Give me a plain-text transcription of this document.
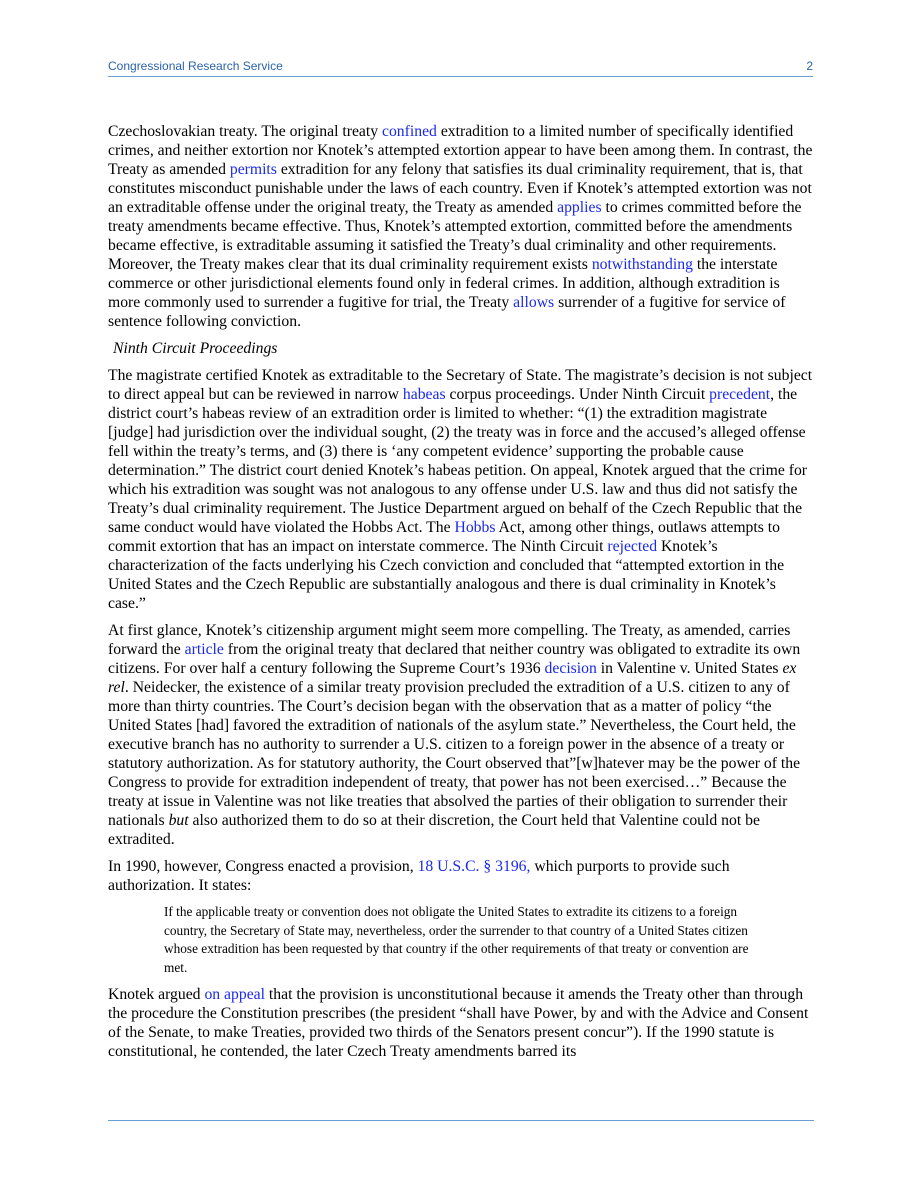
Congressional Research Service	2

Czechoslovakian treaty. The original treaty confined extradition to a limited number of specifically identified crimes, and neither extortion nor Knotek’s attempted extortion appear to have been among them. In contrast, the Treaty as amended permits extradition for any felony that satisfies its dual criminality requirement, that is, that constitutes misconduct punishable under the laws of each country. Even if Knotek’s attempted extortion was not an extraditable offense under the original treaty, the Treaty as amended applies to crimes committed before the treaty amendments became effective. Thus, Knotek’s attempted extortion, committed before the amendments became effective, is extraditable assuming it satisfied the Treaty’s dual criminality and other requirements. Moreover, the Treaty makes clear that its dual criminality requirement exists notwithstanding the interstate commerce or other jurisdictional elements found only in federal crimes. In addition, although extradition is more commonly used to surrender a fugitive for trial, the Treaty allows surrender of a fugitive for service of sentence following conviction.

Ninth Circuit Proceedings

The magistrate certified Knotek as extraditable to the Secretary of State. The magistrate’s decision is not subject to direct appeal but can be reviewed in narrow habeas corpus proceedings. Under Ninth Circuit precedent, the district court’s habeas review of an extradition order is limited to whether: “(1) the extradition magistrate [judge] had jurisdiction over the individual sought, (2) the treaty was in force and the accused’s alleged offense fell within the treaty’s terms, and (3) there is ‘any competent evidence’ supporting the probable cause determination.” The district court denied Knotek’s habeas petition. On appeal, Knotek argued that the crime for which his extradition was sought was not analogous to any offense under U.S. law and thus did not satisfy the Treaty’s dual criminality requirement. The Justice Department argued on behalf of the Czech Republic that the same conduct would have violated the Hobbs Act. The Hobbs Act, among other things, outlaws attempts to commit extortion that has an impact on interstate commerce. The Ninth Circuit rejected Knotek’s characterization of the facts underlying his Czech conviction and concluded that “attempted extortion in the United States and the Czech Republic are substantially analogous and there is dual criminality in Knotek’s case.”

At first glance, Knotek’s citizenship argument might seem more compelling. The Treaty, as amended, carries forward the article from the original treaty that declared that neither country was obligated to extradite its own citizens. For over half a century following the Supreme Court’s 1936 decision in Valentine v. United States ex rel. Neidecker, the existence of a similar treaty provision precluded the extradition of a U.S. citizen to any of more than thirty countries. The Court’s decision began with the observation that as a matter of policy “the United States [had] favored the extradition of nationals of the asylum state.” Nevertheless, the Court held, the executive branch has no authority to surrender a U.S. citizen to a foreign power in the absence of a treaty or statutory authorization. As for statutory authority, the Court observed that”[w]hatever may be the power of the Congress to provide for extradition independent of treaty, that power has not been exercised…” Because the treaty at issue in Valentine was not like treaties that absolved the parties of their obligation to surrender their nationals but also authorized them to do so at their discretion, the Court held that Valentine could not be extradited.

In 1990, however, Congress enacted a provision, 18 U.S.C. § 3196, which purports to provide such authorization. It states:

If the applicable treaty or convention does not obligate the United States to extradite its citizens to a foreign country, the Secretary of State may, nevertheless, order the surrender to that country of a United States citizen whose extradition has been requested by that country if the other requirements of that treaty or convention are met.

Knotek argued on appeal that the provision is unconstitutional because it amends the Treaty other than through the procedure the Constitution prescribes (the president “shall have Power, by and with the Advice and Consent of the Senate, to make Treaties, provided two thirds of the Senators present concur”). If the 1990 statute is constitutional, he contended, the later Czech Treaty amendments barred its
